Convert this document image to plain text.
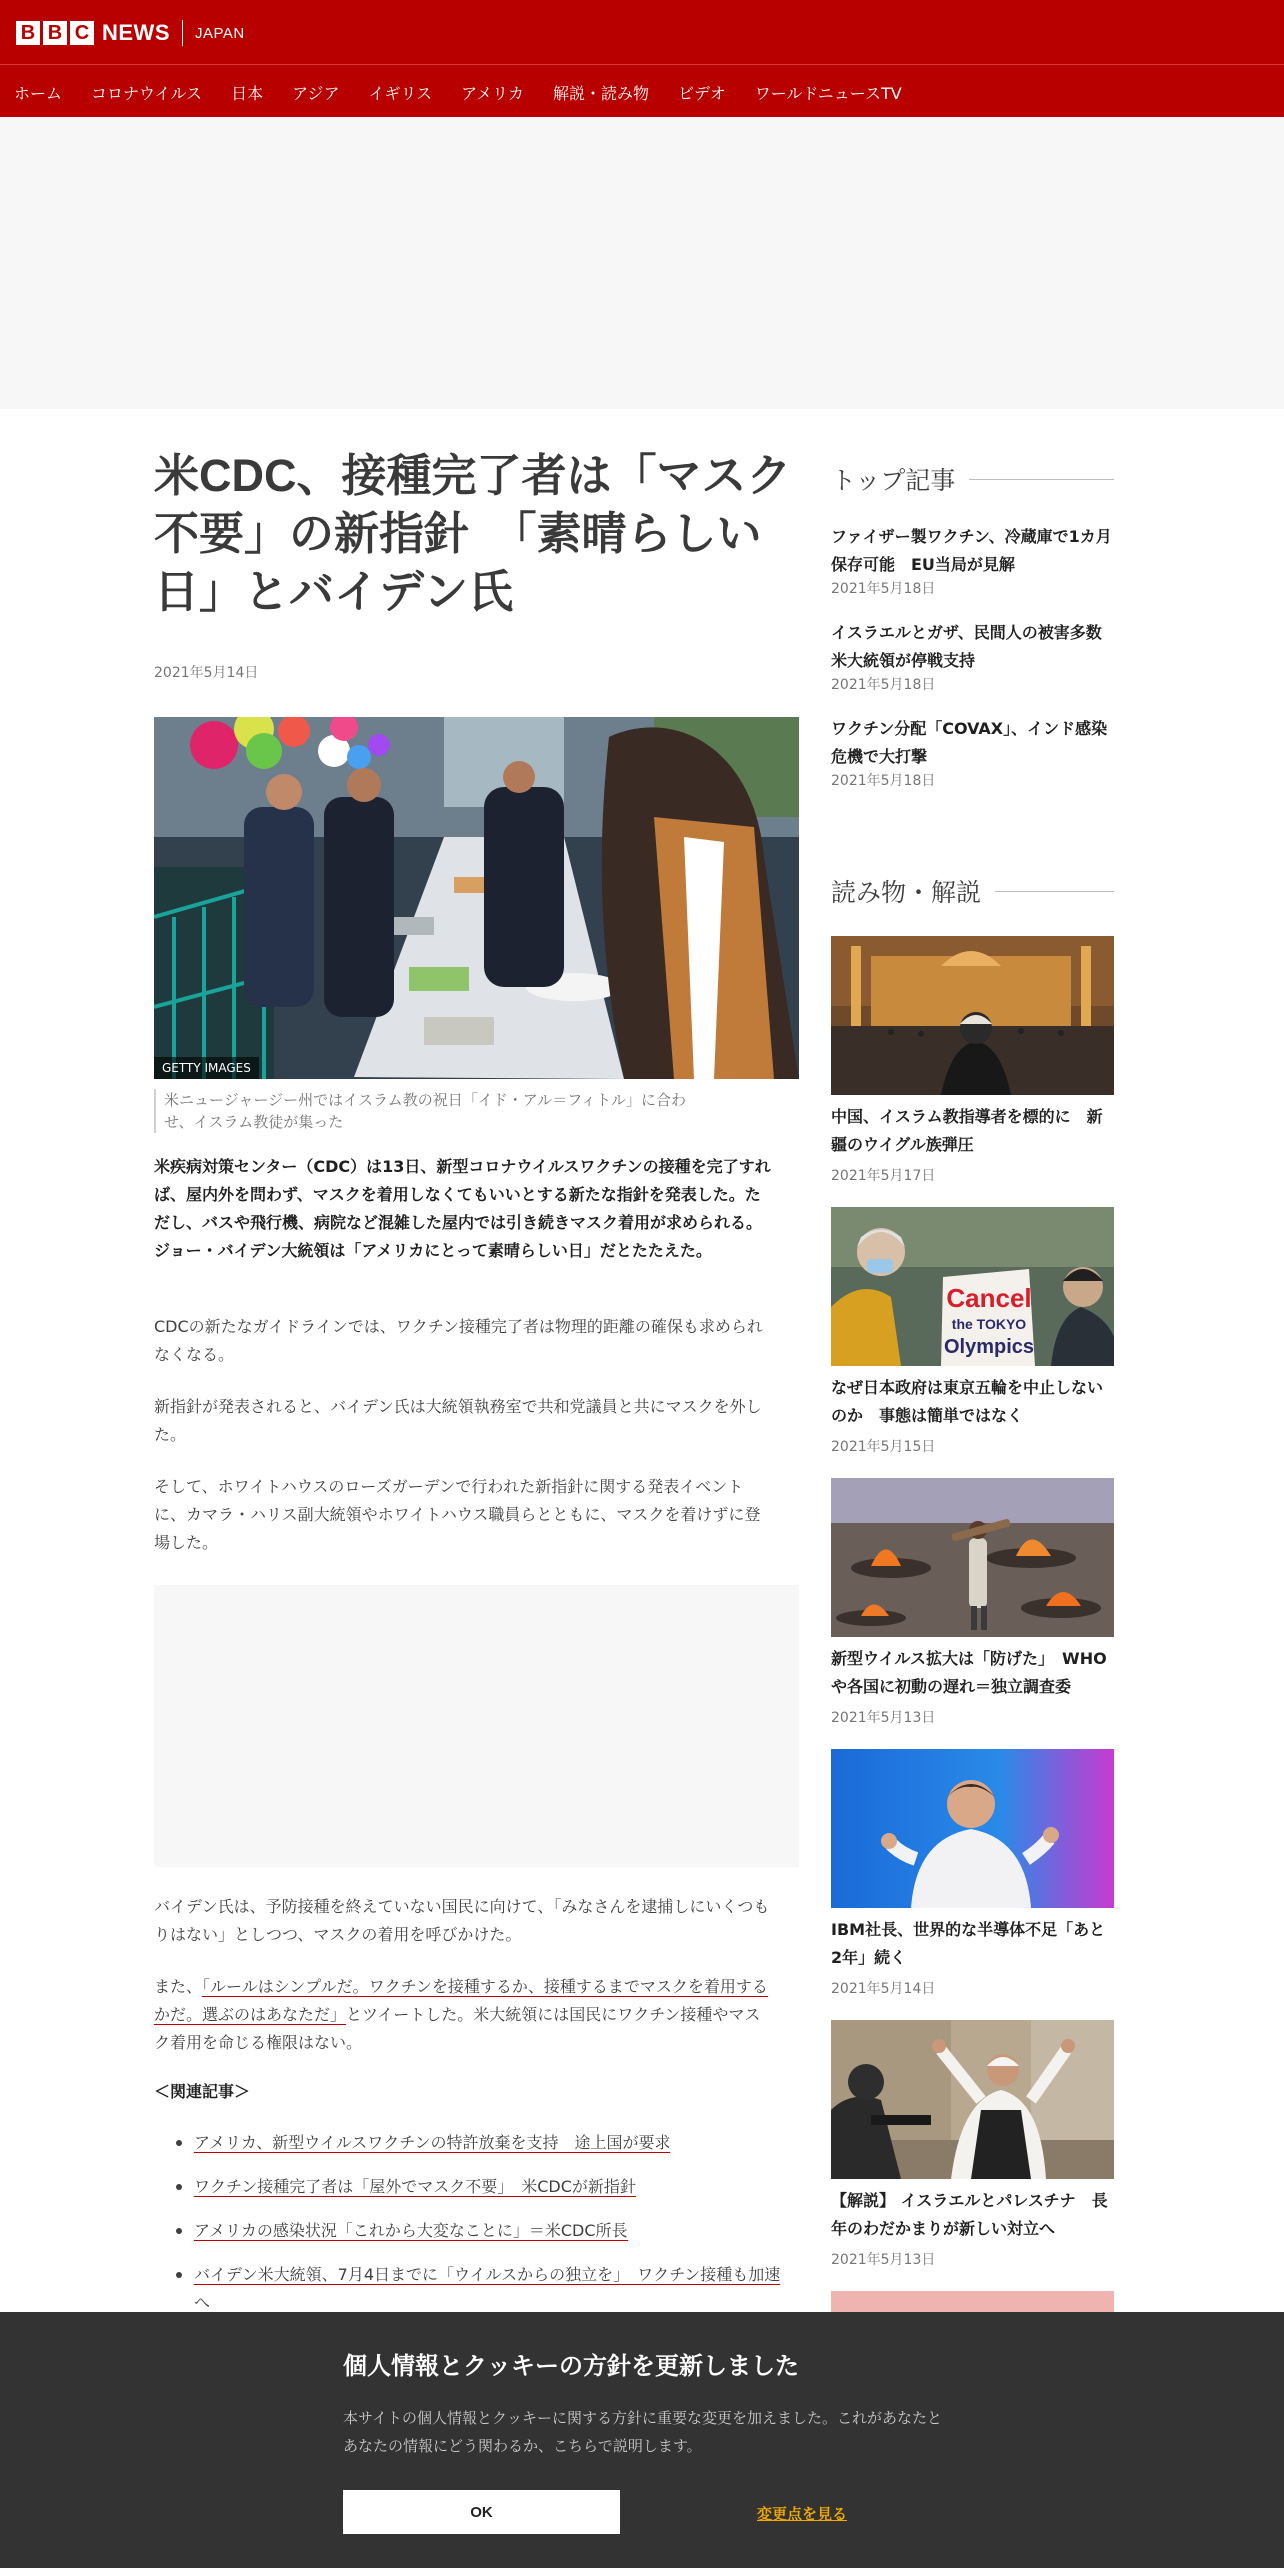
B B C NEWS JAPAN
ホーム コロナウイルス 日本 アジア イギリス アメリカ 解説・読み物 ビデオ ワールドニュースTV
米CDC、接種完了者は「マスク不要」の新指針　「素晴らしい日」とバイデン氏
2021年5月14日
GETTY IMAGES
米ニュージャージー州ではイスラム教の祝日「イド・アル＝フィトル」に合わせ、イスラム教徒が集った

米疾病対策センター（CDC）は13日、新型コロナウイルスワクチンの接種を完了すれば、屋内外を問わず、マスクを着用しなくてもいいとする新たな指針を発表した。ただし、バスや飛行機、病院など混雑した屋内では引き続きマスク着用が求められる。ジョー・バイデン大統領は「アメリカにとって素晴らしい日」だとたたえた。

CDCの新たなガイドラインでは、ワクチン接種完了者は物理的距離の確保も求められなくなる。

新指針が発表されると、バイデン氏は大統領執務室で共和党議員と共にマスクを外した。

そして、ホワイトハウスのローズガーデンで行われた新指針に関する発表イベントに、カマラ・ハリス副大統領やホワイトハウス職員らとともに、マスクを着けずに登場した。

バイデン氏は、予防接種を終えていない国民に向けて、「みなさんを逮捕しにいくつもりはない」としつつ、マスクの着用を呼びかけた。

また、「ルールはシンプルだ。ワクチンを接種するか、接種するまでマスクを着用するかだ。選ぶのはあなただ」とツイートした。米大統領には国民にワクチン接種やマスク着用を命じる権限はない。

＜関連記事＞
アメリカ、新型ウイルスワクチンの特許放棄を支持　途上国が要求
ワクチン接種完了者は「屋外でマスク不要」　米CDCが新指針
アメリカの感染状況「これから大変なことに」＝米CDC所長
バイデン米大統領、7月4日までに「ウイルスからの独立を」　ワクチン接種も加速へ
トップ記事
ファイザー製ワクチン、冷蔵庫で1カ月保存可能　EU当局が見解
2021年5月18日
イスラエルとガザ、民間人の被害多数　米大統領が停戦支持
2021年5月18日
ワクチン分配「COVAX」、インド感染危機で大打撃
2021年5月18日
読み物・解説
中国、イスラム教指導者を標的に　新疆のウイグル族弾圧
2021年5月17日
Cancel
the TOKYO
Olympics
なぜ日本政府は東京五輪を中止しないのか　事態は簡単ではなく
2021年5月15日
新型ウイルス拡大は「防げた」　WHOや各国に初動の遅れ＝独立調査委
2021年5月13日
IBM社長、世界的な半導体不足「あと2年」続く
2021年5月14日
【解説】 イスラエルとパレスチナ　長年のわだかまりが新しい対立へ
2021年5月13日
個人情報とクッキーの方針を更新しました

本サイトの個人情報とクッキーに関する方針に重要な変更を加えました。これがあなたとあなたの情報にどう関わるか、こちらで説明します。

OK	変更点を見る
